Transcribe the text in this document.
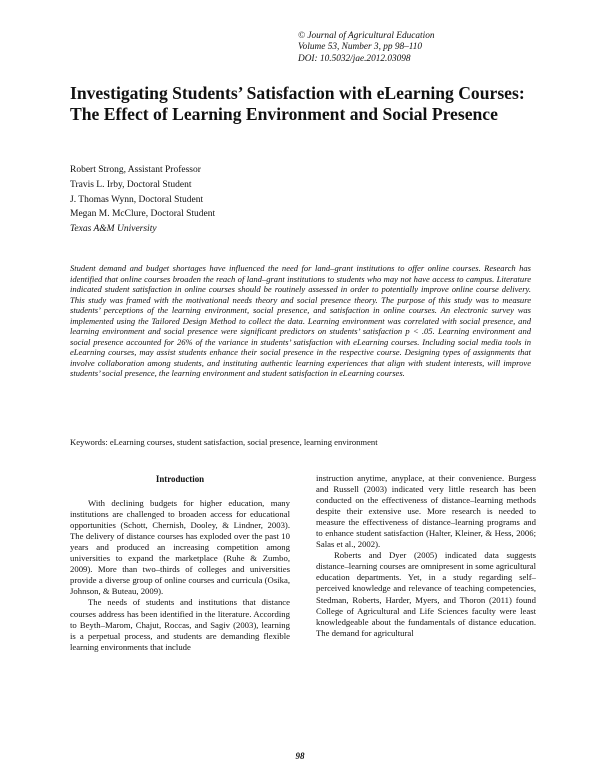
© Journal of Agricultural Education
Volume 53, Number 3, pp 98–110
DOI: 10.5032/jae.2012.03098
Investigating Students’ Satisfaction with eLearning Courses: The Effect of Learning Environment and Social Presence
Robert Strong, Assistant Professor
Travis L. Irby, Doctoral Student
J. Thomas Wynn, Doctoral Student
Megan M. McClure, Doctoral Student
Texas A&M University

Student demand and budget shortages have influenced the need for land–grant institutions to offer online courses. Research has identified that online courses broaden the reach of land–grant institutions to students who may not have access to campus. Literature indicated student satisfaction in online courses should be routinely assessed in order to potentially improve online course delivery. This study was framed with the motivational needs theory and social presence theory. The purpose of this study was to measure students’ perceptions of the learning environment, social presence, and satisfaction in online courses. An electronic survey was implemented using the Tailored Design Method to collect the data. Learning environment was correlated with social presence, and learning environment and social presence were significant predictors on students’ satisfaction p < .05. Learning environment and social presence accounted for 26% of the variance in students’ satisfaction with eLearning courses. Including social media tools in eLearning courses, may assist students enhance their social presence in the respective course. Designing types of assignments that involve collaboration among students, and instituting authentic learning experiences that align with student interests, will improve students’ social presence, the learning environment and student satisfaction in eLearning courses.

Keywords: eLearning courses, student satisfaction, social presence, learning environment
Introduction

With declining budgets for higher education, many institutions are challenged to broaden access for educational opportunities (Schott, Chernish, Dooley, & Lindner, 2003). The delivery of distance courses has exploded over the past 10 years and produced an increasing competition among universities to expand the marketplace (Ruhe & Zumbo, 2009). More than two–thirds of colleges and universities provide a diverse group of online courses and curricula (Osika, Johnson, & Buteau, 2009).

The needs of students and institutions that distance courses address has been identified in the literature. According to Beyth–Marom, Chajut, Roccas, and Sagiv (2003), learning is a perpetual process, and students are demanding flexible learning environments that include

instruction anytime, anyplace, at their convenience. Burgess and Russell (2003) indicated very little research has been conducted on the effectiveness of distance–learning methods despite their extensive use. More research is needed to measure the effectiveness of distance–learning programs and to enhance student satisfaction (Halter, Kleiner, & Hess, 2006; Salas et al., 2002).

Roberts and Dyer (2005) indicated data suggests distance–learning courses are omnipresent in some agricultural education departments. Yet, in a study regarding self–perceived knowledge and relevance of teaching competencies, Stedman, Roberts, Harder, Myers, and Thoron (2011) found College of Agricultural and Life Sciences faculty were least knowledgeable about the fundamentals of distance education. The demand for agricultural

98
